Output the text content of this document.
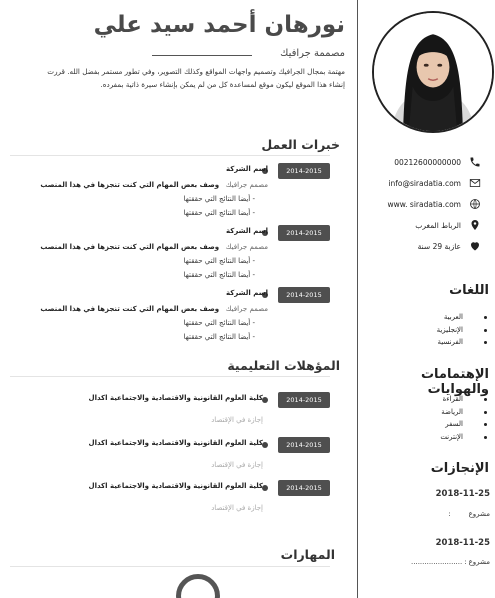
00212600000000
info@siradatia.com
www. siradatia.com
الرباط المغرب
عازبة 29 سنة
اللغات
العربية
الإنجليزية
الفرنسية
الإهتمامات والهوايات
القراءة
الرياضة
السفر
الإنترنت
الإنجازات
2018-11-25
مشروع
:
2018-11-25
مشروع
:
.......................
نورهان أحمد سيد علي
مصممة جرافيك
مهتمة بمجال الجرافيك وتصميم واجهات المواقع وكذلك التصوير، وفي تطور مستمر بفضل الله. قررت إنشاء هذا الموقع ليكون موقع لمساعدة كل من لم يمكن بإنشاء سيرة ذاتية بمفرده.
خبرات العمل
2014-2015
إسم الشركة
مصمم جرافيك   وصف بعض المهام التي كنت تنجزها في هذا المنصب
- أيضا النتائج التي حققتها
- أيضا النتائج التي حققتها
2014-2015
إسم الشركة
مصمم جرافيك   وصف بعض المهام التي كنت تنجزها في هذا المنصب
- أيضا النتائج التي حققتها
- أيضا النتائج التي حققتها
2014-2015
إسم الشركة
مصمم جرافيك   وصف بعض المهام التي كنت تنجزها في هذا المنصب
- أيضا النتائج التي حققتها
- أيضا النتائج التي حققتها
المؤهلات التعليمية
2014-2015
كلية العلوم القانونية والاقتصادية والاجتماعية اكدال
إجازة في الإقتصاد
2014-2015
كلية العلوم القانونية والاقتصادية والاجتماعية اكدال
إجازة في الإقتصاد
2014-2015
كلية العلوم القانونية والاقتصادية والاجتماعية اكدال
إجازة في الإقتصاد
المهارات
